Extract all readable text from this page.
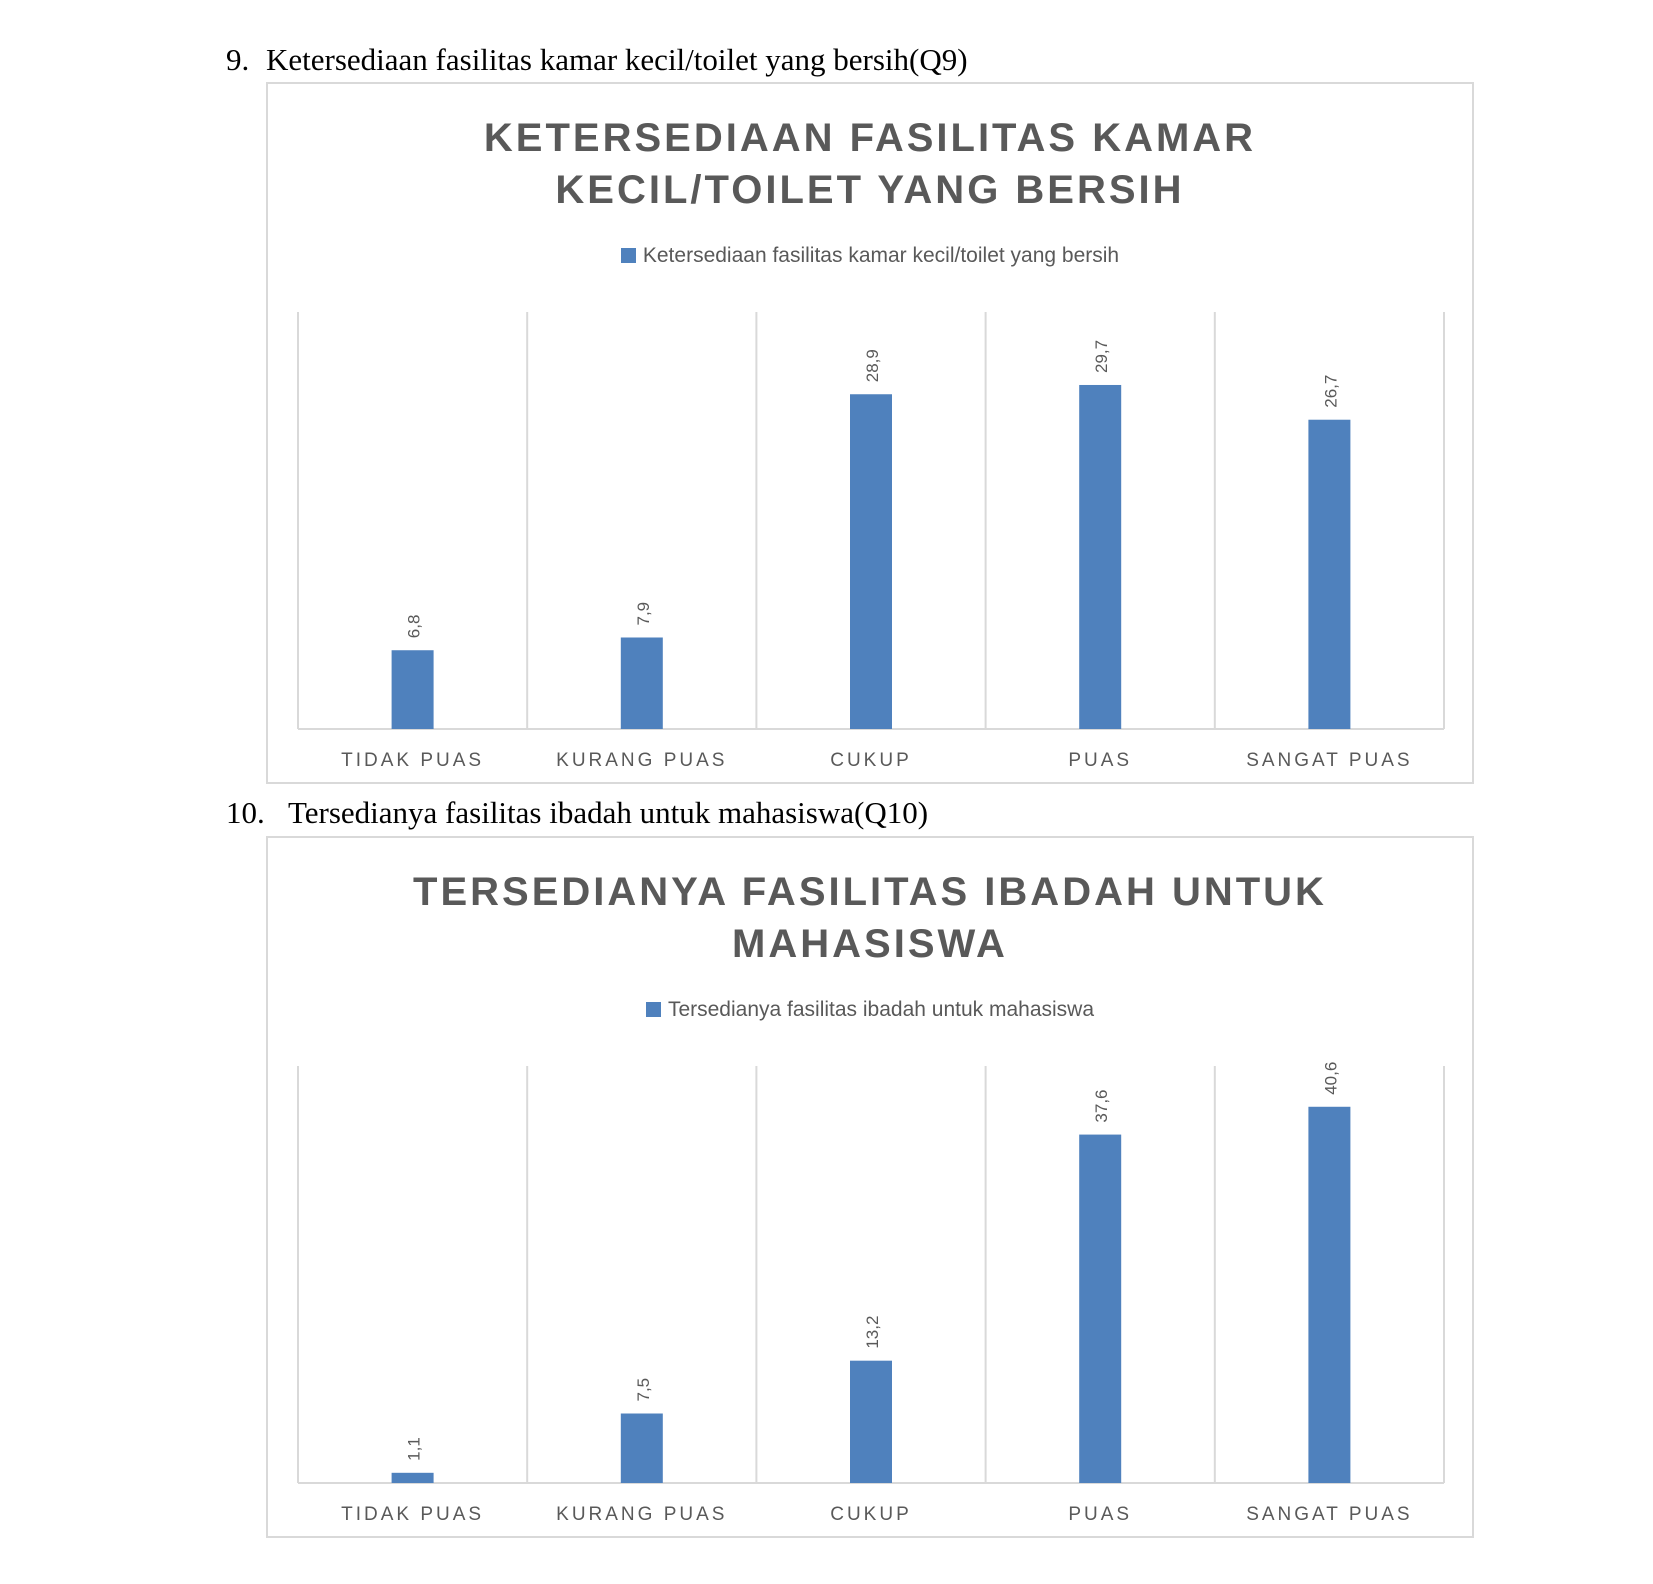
9. Ketersediaan fasilitas kamar kecil/toilet yang bersih(Q9)
KETERSEDIAAN FASILITAS KAMAR
KECIL/TOILET YANG BERSIH
Ketersediaan fasilitas kamar kecil/toilet yang bersih
6,8
TIDAK PUAS
7,9
KURANG PUAS
28,9
CUKUP
29,7
PUAS
26,7
SANGAT PUAS
10. Tersedianya fasilitas ibadah untuk mahasiswa(Q10)
TERSEDIANYA FASILITAS IBADAH UNTUK
MAHASISWA
Tersedianya fasilitas ibadah untuk mahasiswa
1,1
TIDAK PUAS
7,5
KURANG PUAS
13,2
CUKUP
37,6
PUAS
40,6
SANGAT PUAS
